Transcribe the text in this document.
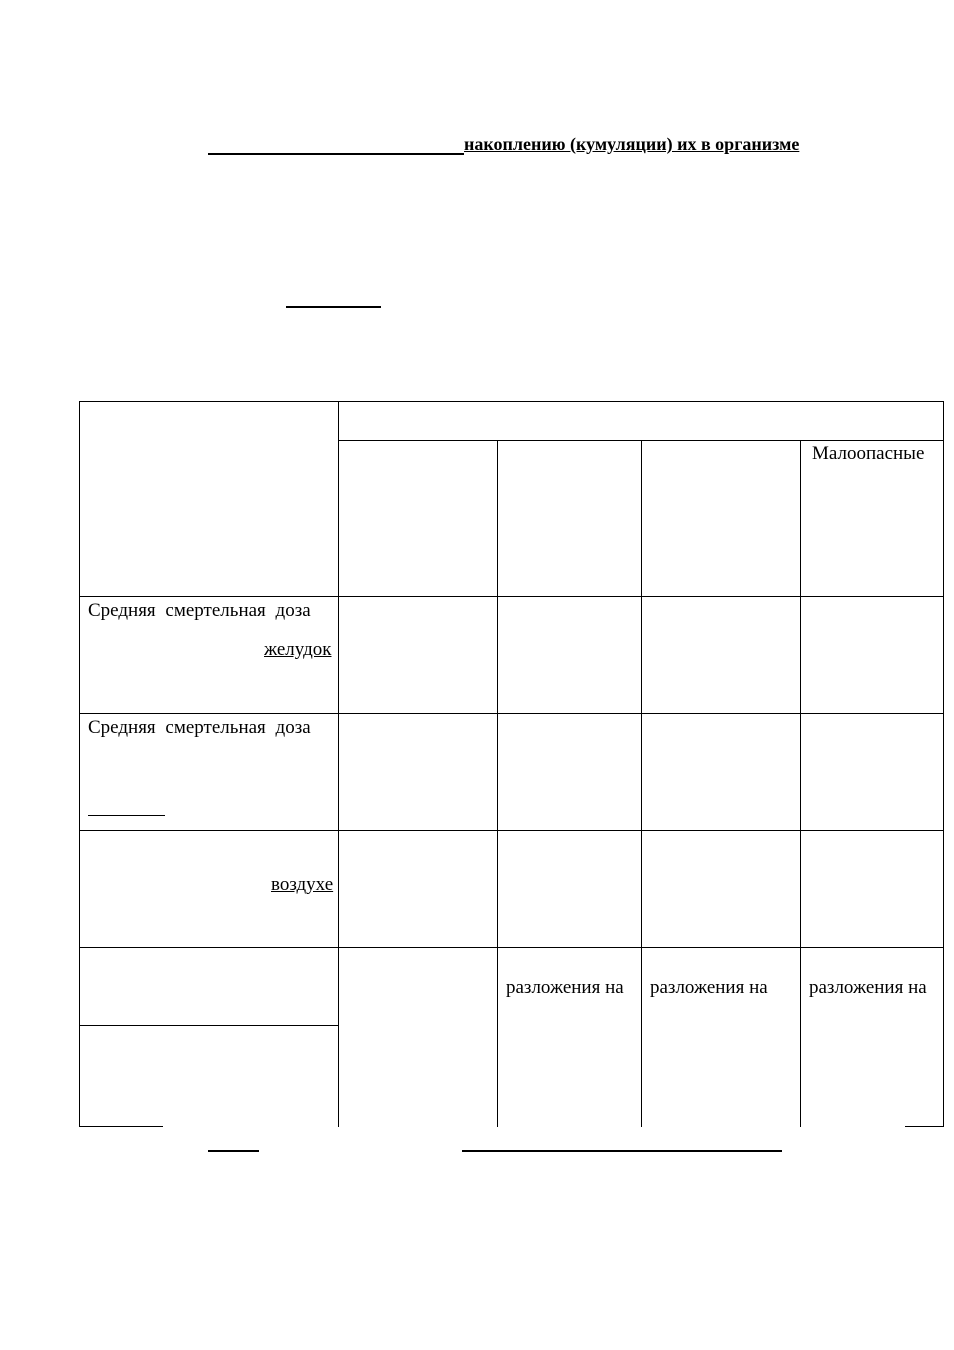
накоплению (кумуляции) их в организме
Малоопасные
Средняя смертельная доза
желудок
Средняя смертельная доза
воздухе
разложения на	разложения на	разложения на
